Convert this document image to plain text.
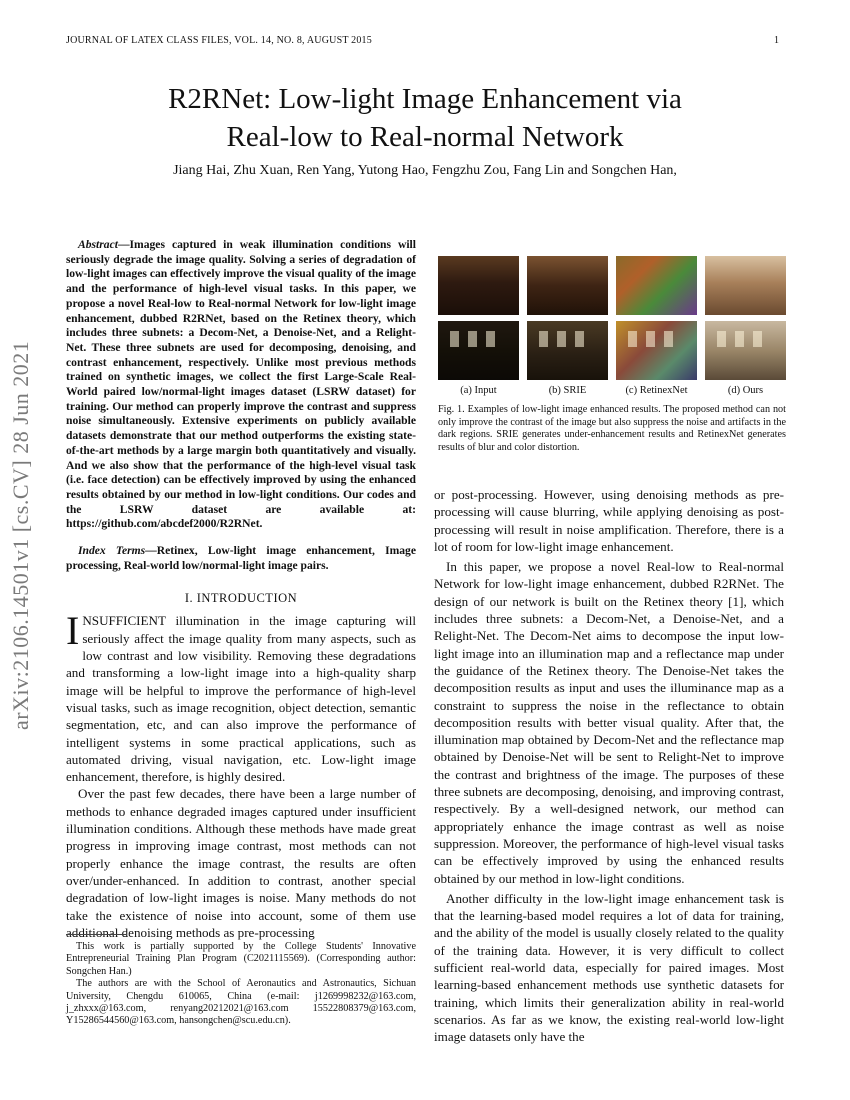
JOURNAL OF LATEX CLASS FILES, VOL. 14, NO. 8, AUGUST 2015	1
R2RNet: Low-light Image Enhancement via
Real-low to Real-normal Network
Jiang Hai, Zhu Xuan, Ren Yang, Yutong Hao, Fengzhu Zou, Fang Lin and Songchen Han,
arXiv:2106.14501v1 [cs.CV] 28 Jun 2021

Abstract—Images captured in weak illumination conditions will seriously degrade the image quality. Solving a series of degradation of low-light images can effectively improve the visual quality of the image and the performance of high-level visual tasks. In this paper, we propose a novel Real-low to Real-normal Network for low-light image enhancement, dubbed R2RNet, based on the Retinex theory, which includes three subnets: a Decom-Net, a Denoise-Net, and a Relight-Net. These three subnets are used for decomposing, denoising, and contrast enhancement, respectively. Unlike most previous methods trained on synthetic images, we collect the first Large-Scale Real-World paired low/normal-light images dataset (LSRW dataset) for training. Our method can properly improve the contrast and suppress noise simultaneously. Extensive experiments on publicly available datasets demonstrate that our method outperforms the existing state-of-the-art methods by a large margin both quantitatively and visually. And we also show that the performance of the high-level visual task (i.e. face detection) can be effectively improved by using the enhanced results obtained by our method in low-light conditions. Our codes and the LSRW dataset are available at: https://github.com/abcdef2000/R2RNet.

Index Terms—Retinex, Low-light image enhancement, Image processing, Real-world low/normal-light image pairs.

I. INTRODUCTION

INSUFFICIENT illumination in the image capturing will seriously affect the image quality from many aspects, such as low contrast and low visibility. Removing these degradations and transforming a low-light image into a high-quality sharp image will be helpful to improve the performance of high-level visual tasks, such as image recognition, object detection, semantic segmentation, etc, and can also improve the performance of intelligent systems in some practical applications, such as automated driving, visual navigation, etc. Low-light image enhancement, therefore, is highly desired.

Over the past few decades, there have been a large number of methods to enhance degraded images captured under insufficient illumination conditions. Although these methods have made great progress in improving image contrast, most methods can not properly enhance the image contrast, the results are often over/under-enhanced. In addition to contrast, another special degradation of low-light images is noise. Many methods do not take the existence of noise into account, some of them use additional denoising methods as pre-processing

This work is partially supported by the College Students' Innovative Entrepreneurial Training Plan Program (C2021115569). (Corresponding author: Songchen Han.)

The authors are with the School of Aeronautics and Astronautics, Sichuan University, Chengdu 610065, China (e-mail: j1269998232@163.com, j_zhxxx@163.com, renyang20212021@163.com 15522808379@163.com, Y15286544560@163.com, hansongchen@scu.edu.cn).

(a) Input	(b) SRIE	(c) RetinexNet	(d) Ours
Fig. 1. Examples of low-light image enhanced results. The proposed method can not only improve the contrast of the image but also suppress the noise and artifacts in the dark regions. SRIE generates under-enhancement results and RetinexNet generates results of blur and color distortion.

or post-processing. However, using denoising methods as pre-processing will cause blurring, while applying denoising as post-processing will result in noise amplification. Therefore, there is a lot of room for low-light image enhancement.

In this paper, we propose a novel Real-low to Real-normal Network for low-light image enhancement, dubbed R2RNet. The design of our network is built on the Retinex theory [1], which includes three subnets: a Decom-Net, a Denoise-Net, and a Relight-Net. The Decom-Net aims to decompose the input low-light image into an illumination map and a reflectance map under the guidance of the Retinex theory. The Denoise-Net takes the decomposition results as input and uses the illuminance map as a constraint to suppress the noise in the reflectance to obtain decomposition results with better visual quality. After that, the illumination map obtained by Decom-Net and the reflectance map obtained by Denoise-Net will be sent to Relight-Net to improve the contrast and brightness of the image. The purposes of these three subnets are decomposing, denoising, and improving contrast, respectively. By a well-designed network, our method can appropriately enhance the image contrast as well as noise suppression. Moreover, the performance of high-level visual tasks can be effectively improved by using the enhanced results obtained by our method in low-light conditions.

Another difficulty in the low-light image enhancement task is that the learning-based model requires a lot of data for training, and the ability of the model is usually closely related to the quality of the training data. However, it is very difficult to collect sufficient real-world data, especially for paired images. Most learning-based enhancement methods use synthetic datasets for training, which limits their generalization ability in real-world scenarios. As far as we know, the existing real-world low-light image datasets only have the
